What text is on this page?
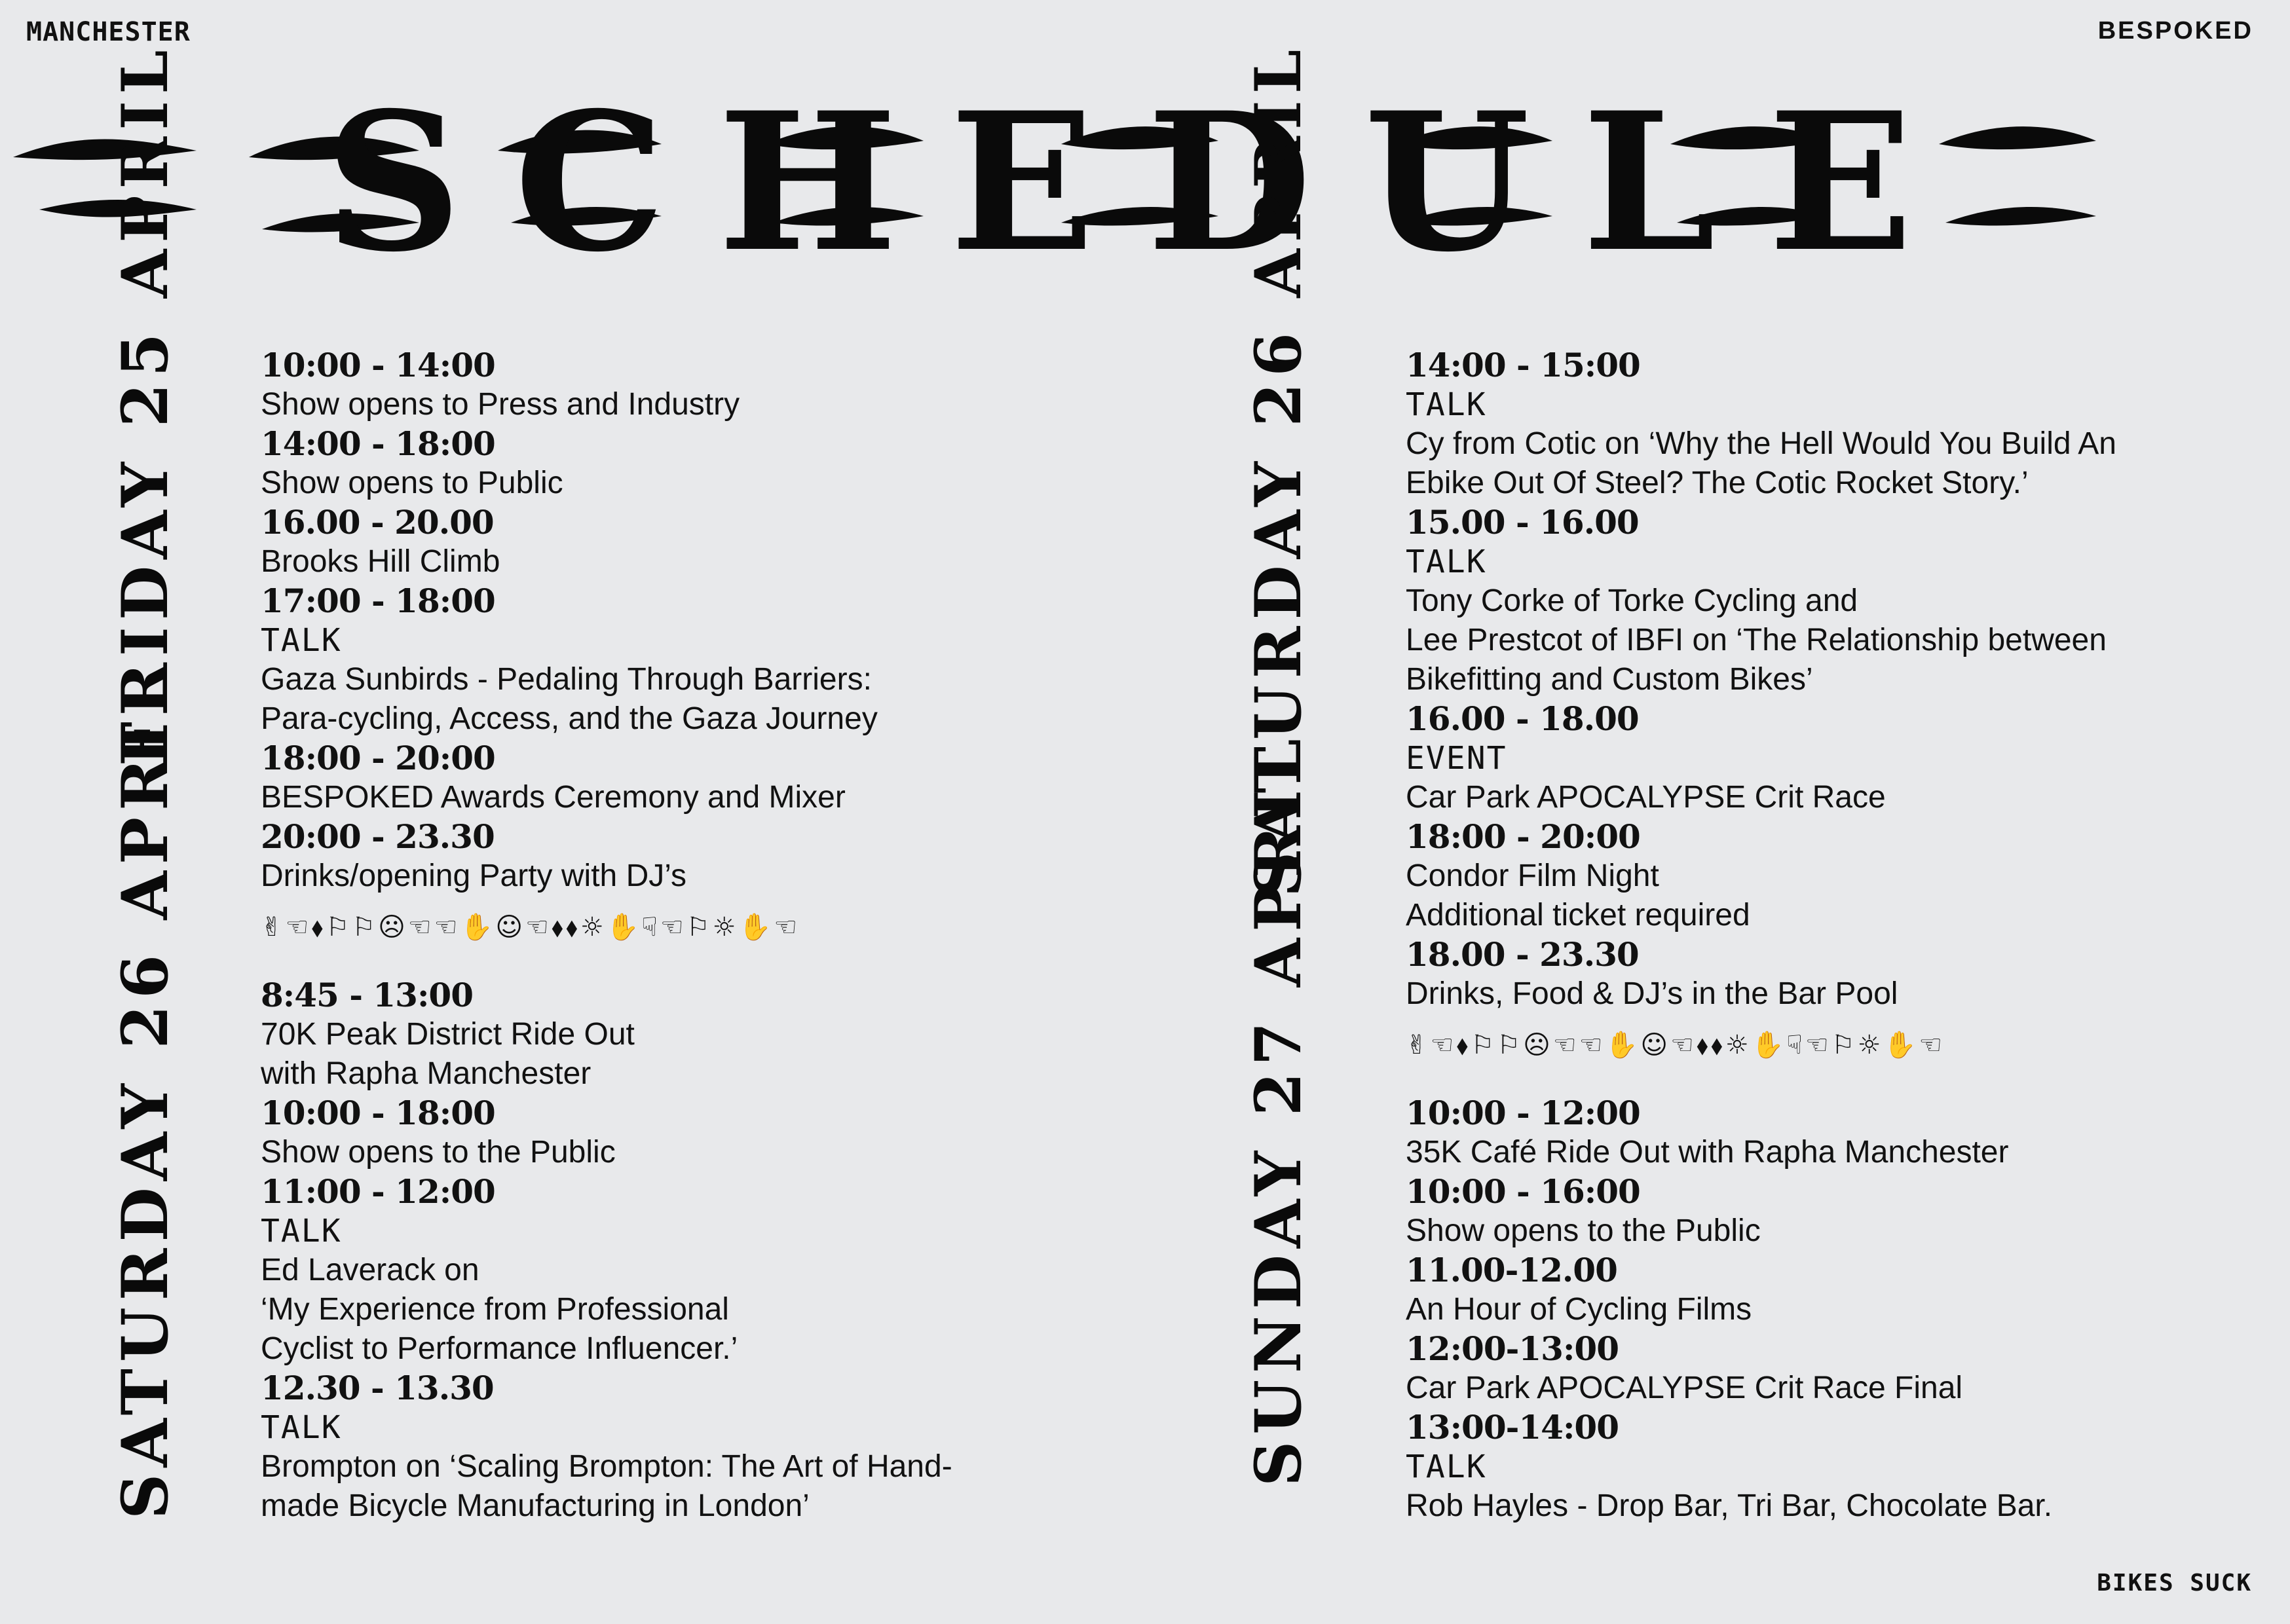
MANCHESTER	BESPOKED
SCHEDULE
FRIDAY 25 APRIL 10:00 - 14:00
Show opens to Press and Industry
14:00 - 18:00
Show opens to Public
16.00 - 20.00
Brooks Hill Climb
17:00 - 18:00
TALK
Gaza Sunbirds - Pedaling Through Barriers:
Para-cycling, Access, and the Gaza Journey
18:00 - 20:00
BESPOKED Awards Ceremony and Mixer
20:00 - 23.30
Drinks/opening Party with DJ’s
✌☜⬧⚐⚐☹☜☜✋☺☜⬧⬧☼✋☟☜⚐☼✋☜
SATURDAY 26 APRIL 8:45 - 13:00
70K Peak District Ride Out
with Rapha Manchester
10:00 - 18:00
Show opens to the Public
11:00 - 12:00
TALK
Ed Laverack on
‘My Experience from Professional
Cyclist to Performance Influencer.’
12.30 - 13.30
TALK
Brompton on ‘Scaling Brompton: The Art of Hand-
made Bicycle Manufacturing in London’
SATURDAY 26 APRIL	14:00 - 15:00
TALK
Cy from Cotic on ‘Why the Hell Would You Build An
Ebike Out Of Steel? The Cotic Rocket Story.’
15.00 - 16.00
TALK
Tony Corke of Torke Cycling and
Lee Prestcot of IBFI on ‘The Relationship between
Bikefitting and Custom Bikes’
16.00 - 18.00
EVENT
Car Park APOCALYPSE Crit Race
18:00 - 20:00
Condor Film Night
Additional ticket required
18.00 - 23.30
Drinks, Food & DJ’s in the Bar Pool
✌☜⬧⚐⚐☹☜☜✋☺☜⬧⬧☼✋☟☜⚐☼✋☜
SUNDAY 27 APRIL	10:00 - 12:00
35K Café Ride Out with Rapha Manchester
10:00 - 16:00
Show opens to the Public
11.00-12.00
An Hour of Cycling Films
12:00-13:00
Car Park APOCALYPSE Crit Race Final
13:00-14:00
TALK
Rob Hayles - Drop Bar, Tri Bar, Chocolate Bar.
BIKES SUCK
